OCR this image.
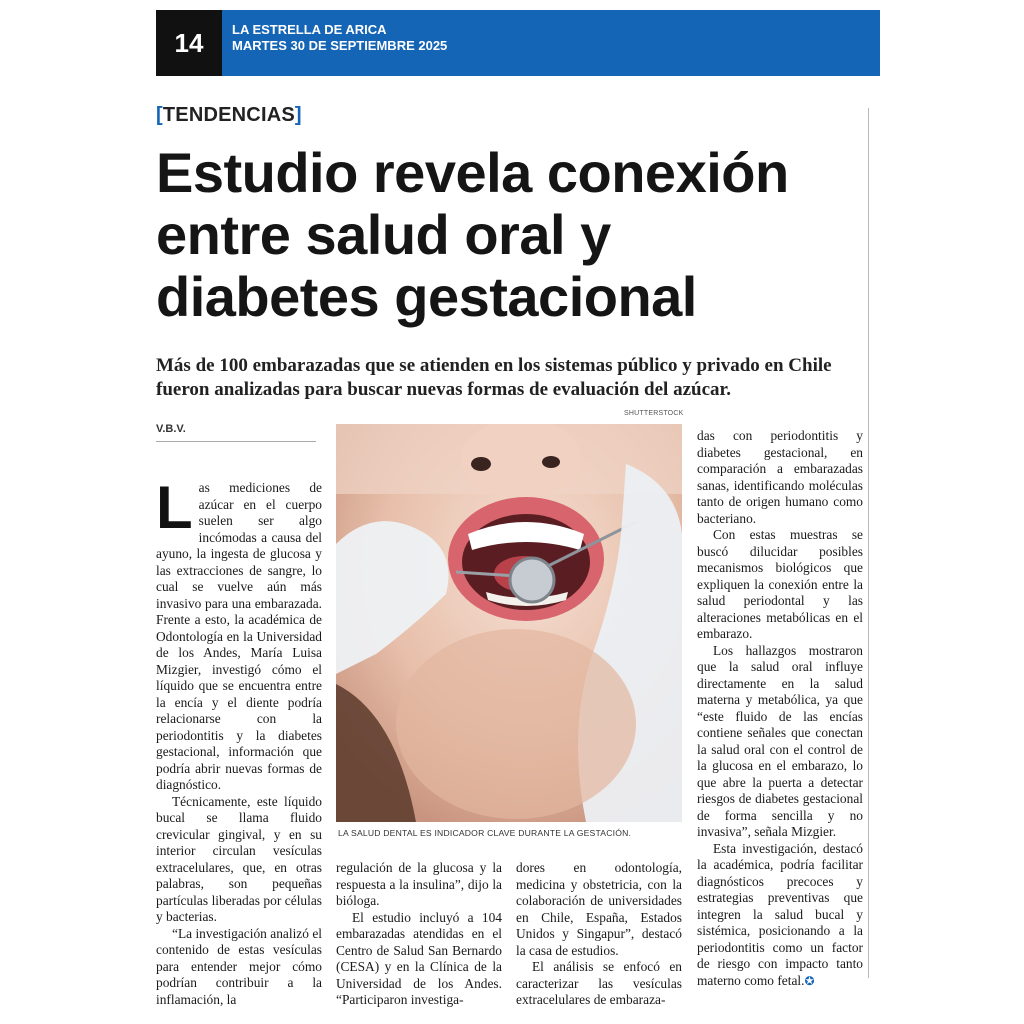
14	LA ESTRELLA DE ARICA
MARTES 30 DE SEPTIEMBRE 2025
[TENDENCIAS]
Estudio revela conexión
entre salud oral y
diabetes gestacional
Más de 100 embarazadas que se atienden en los sistemas público y privado en Chile fueron analizadas para buscar nuevas formas de evaluación del azúcar.
V.B.V.
SHUTTERSTOCK

Las mediciones de azúcar en el cuerpo suelen ser algo incómodas a causa del ayuno, la ingesta de glucosa y las extracciones de sangre, lo cual se vuelve aún más invasivo para una embarazada. Frente a esto, la académica de Odontología en la Universidad de los Andes, María Luisa Mizgier, investigó cómo el líquido que se encuentra entre la encía y el diente podría relacionarse con la periodontitis y la diabetes gestacional, información que podría abrir nuevas formas de diagnóstico.

Técnicamente, este líquido bucal se llama fluido crevicular gingival, y en su interior circulan vesículas extracelulares, que, en otras palabras, son pequeñas partículas liberadas por células y bacterias.

“La investigación analizó el contenido de estas vesículas para entender mejor cómo podrían contribuir a la inflamación, la

LA SALUD DENTAL ES INDICADOR CLAVE DURANTE LA GESTACIÓN.

regulación de la glucosa y la respuesta a la insulina”, dijo la bióloga.

El estudio incluyó a 104 embarazadas atendidas en el Centro de Salud San Bernardo (CESA) y en la Clínica de la Universidad de los Andes. “Participaron investiga-

dores en odontología, medicina y obstetricia, con la colaboración de universidades en Chile, España, Estados Unidos y Singapur”, destacó la casa de estudios.

El análisis se enfocó en caracterizar las vesículas extracelulares de embaraza-

das con periodontitis y diabetes gestacional, en comparación a embarazadas sanas, identificando moléculas tanto de origen humano como bacteriano.

Con estas muestras se buscó dilucidar posibles mecanismos biológicos que expliquen la conexión entre la salud periodontal y las alteraciones metabólicas en el embarazo.

Los hallazgos mostraron que la salud oral influye directamente en la salud materna y metabólica, ya que “este fluido de las encías contiene señales que conectan la salud oral con el control de la glucosa en el embarazo, lo que abre la puerta a detectar riesgos de diabetes gestacional de forma sencilla y no invasiva”, señala Mizgier.

Esta investigación, destacó la académica, podría facilitar diagnósticos precoces y estrategias preventivas que integren la salud bucal y sistémica, posicionando a la periodontitis como un factor de riesgo con impacto tanto materno como fetal.✪
